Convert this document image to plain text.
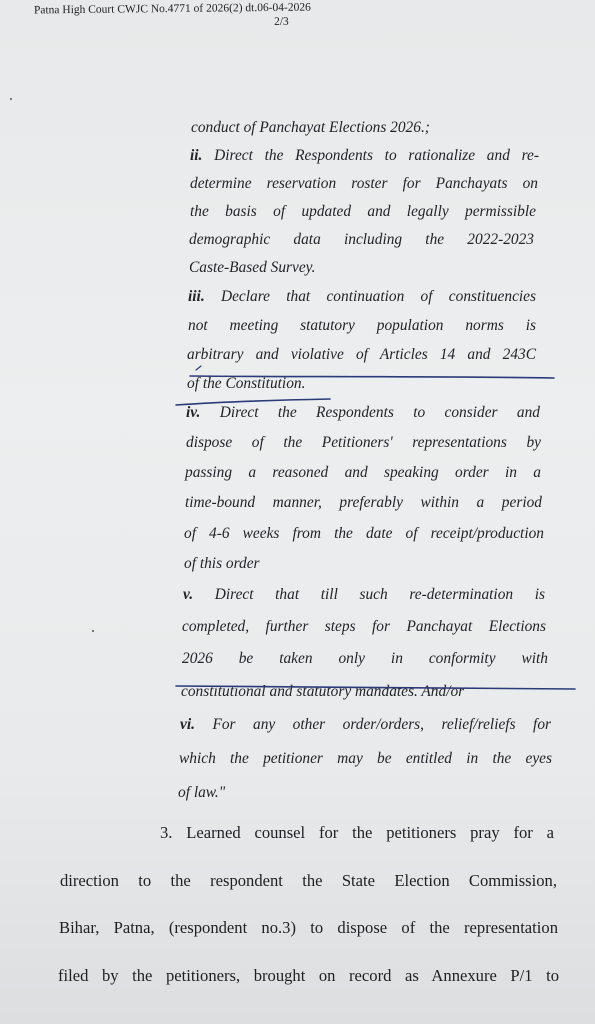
Patna High Court CWJC No.4771 of 2026(2) dt.06-04-2026
2/3
conduct of Panchayat Elections 2026.;
ii. Direct the Respondents to rationalize and re-
determine reservation roster for Panchayats on
the basis of updated and legally permissible
demographic data including the 2022-2023
Caste-Based Survey.
iii. Declare that continuation of constituencies
not meeting statutory population norms is
arbitrary and violative of Articles 14 and 243C
of the Constitution.
iv. Direct the Respondents to consider and
dispose of the Petitioners' representations by
passing a reasoned and speaking order in a
time-bound manner, preferably within a period
of 4-6 weeks from the date of receipt/production
of this order
v. Direct that till such re-determination is
completed, further steps for Panchayat Elections
2026 be taken only in conformity with
constitutional and statutory mandates. And/or
vi. For any other order/orders, relief/reliefs for
which the petitioner may be entitled in the eyes
of law."
3. Learned counsel for the petitioners pray for a
direction to the respondent the State Election Commission,
Bihar, Patna, (respondent no.3) to dispose of the representation
filed by the petitioners, brought on record as Annexure P/1 to
